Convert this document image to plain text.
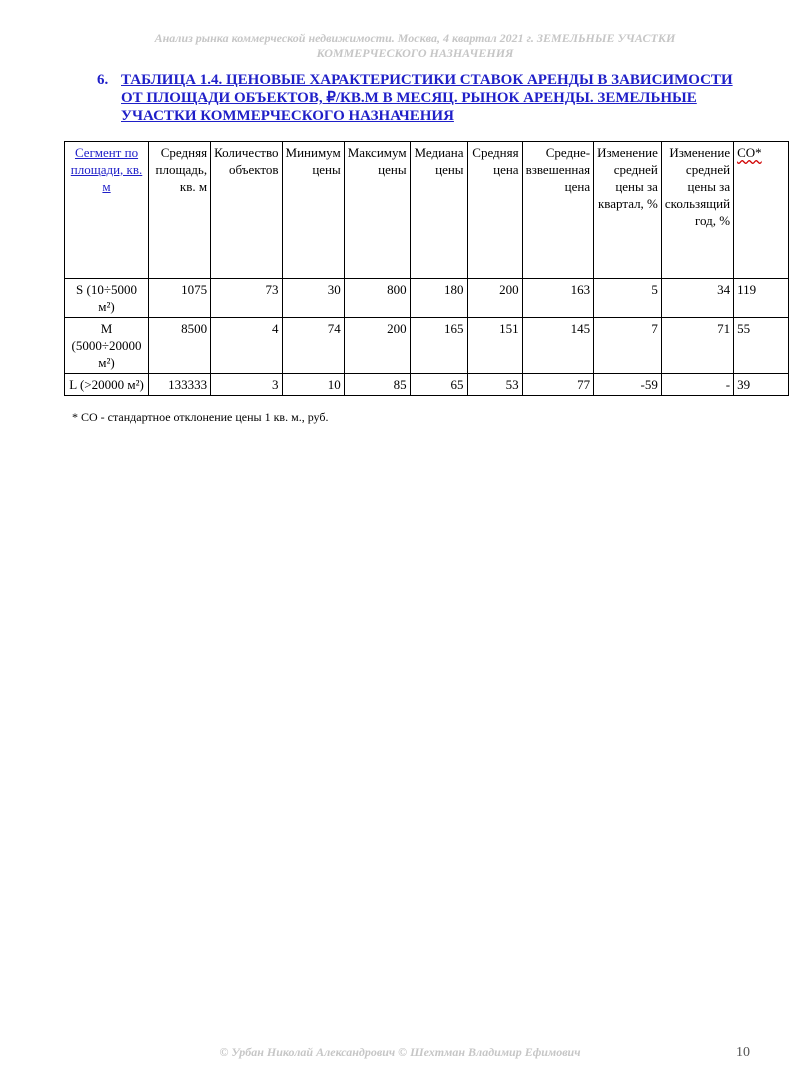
Анализ рынка коммерческой недвижимости. Москва, 4 квартал 2021 г. ЗЕМЕЛЬНЫЕ УЧАСТКИ
КОММЕРЧЕСКОГО НАЗНАЧЕНИЯ
6. ТАБЛИЦА 1.4. ЦЕНОВЫЕ ХАРАКТЕРИСТИКИ СТАВОК АРЕНДЫ В ЗАВИСИМОСТИ ОТ ПЛОЩАДИ ОБЪЕКТОВ, ₽/КВ.М В МЕСЯЦ. РЫНОК АРЕНДЫ. ЗЕМЕЛЬНЫЕ УЧАСТКИ КОММЕРЧЕСКОГО НАЗНАЧЕНИЯ
Сегмент по площади, кв. м	Средняя площадь, кв. м	Количество объектов	Минимум цены	Максимум цены	Медиана цены	Средняя цена	Средне-взвешенная цена	Изменение средней цены за квартал, %	Изменение средней цены за скользящий год, %	СО*
S (10÷5000 м²)	1075	73	30	800	180	200	163	5	34	119
M (5000÷20000 м²)	8500	4	74	200	165	151	145	7	71	55
L (>20000 м²)	133333	3	10	85	65	53	77	-59	-	39
* СО - стандартное отклонение цены 1 кв. м., руб.
© Урбан Николай Александрович © Шехтман Владимир Ефимович	10
